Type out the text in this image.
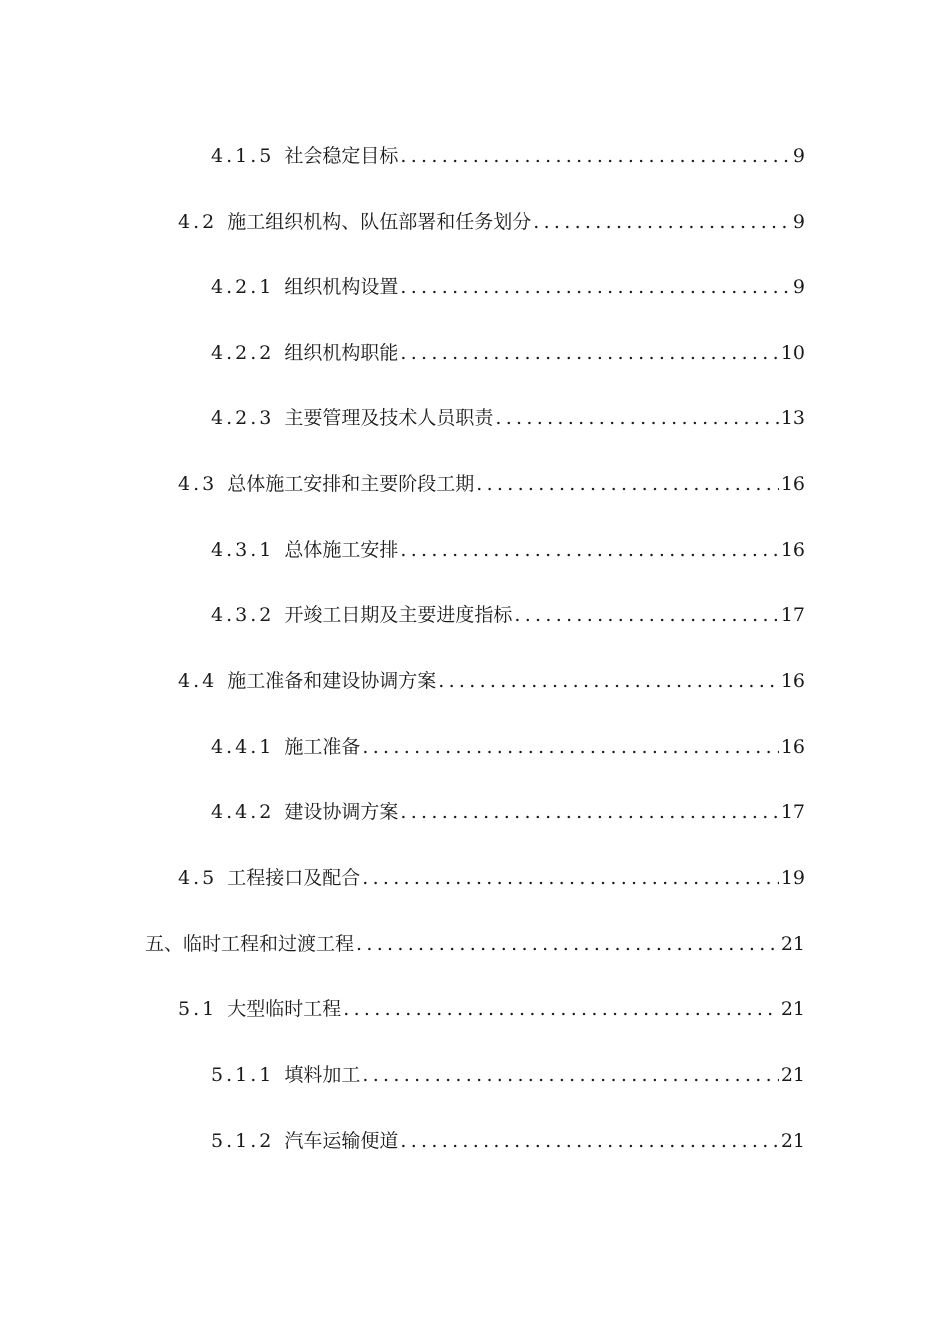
4.1.5 社会稳定目标 .....	9
4.2 施工组织机构、队伍部署和任务划分 .....	9
4.2.1 组织机构设置 .....	9
4.2.2 组织机构职能 .....	10
4.2.3 主要管理及技术人员职责 .....	13
4.3 总体施工安排和主要阶段工期 .....	16
4.3.1 总体施工安排 .....	16
4.3.2 开竣工日期及主要进度指标 .....	17
4.4 施工准备和建设协调方案 .....	16
4.4.1 施工准备 .....	16
4.4.2 建设协调方案 .....	17
4.5 工程接口及配合 .....	19
五、临时工程和过渡工程 .....	21
5.1 大型临时工程 .....	21
5.1.1 填料加工 .....	21
5.1.2 汽车运输便道 .....	21
